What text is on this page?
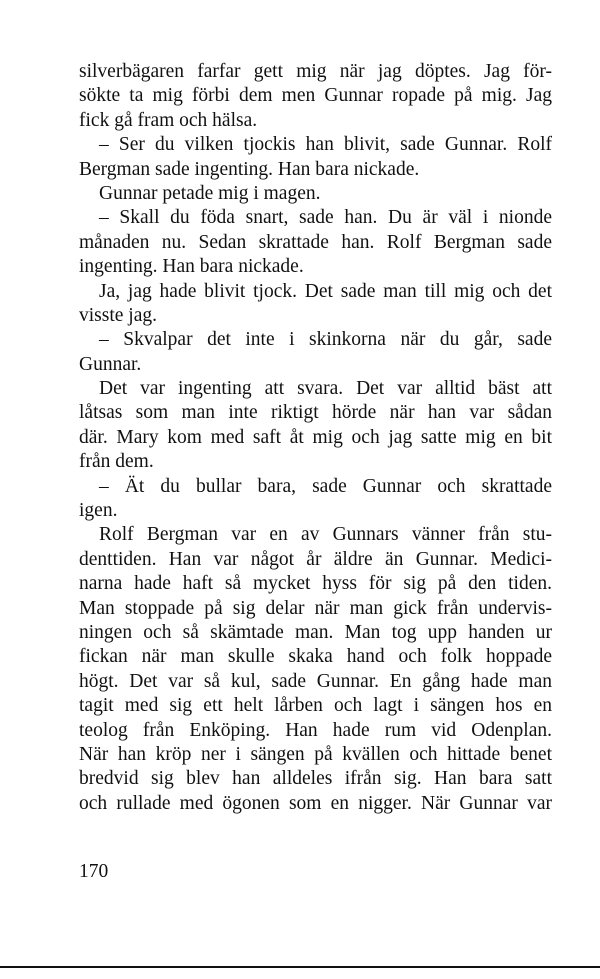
silverbägaren farfar gett mig när jag döptes. Jag för-
sökte ta mig förbi dem men Gunnar ropade på mig. Jag
fick gå fram och hälsa.
– Ser du vilken tjockis han blivit, sade Gunnar. Rolf
Bergman sade ingenting. Han bara nickade.
Gunnar petade mig i magen.
– Skall du föda snart, sade han. Du är väl i nionde
månaden nu. Sedan skrattade han. Rolf Bergman sade
ingenting. Han bara nickade.
Ja, jag hade blivit tjock. Det sade man till mig och det
visste jag.
– Skvalpar det inte i skinkorna när du går, sade
Gunnar.
Det var ingenting att svara. Det var alltid bäst att
låtsas som man inte riktigt hörde när han var sådan
där. Mary kom med saft åt mig och jag satte mig en bit
från dem.
– Ät du bullar bara, sade Gunnar och skrattade
igen.
Rolf Bergman var en av Gunnars vänner från stu-
denttiden. Han var något år äldre än Gunnar. Medici-
narna hade haft så mycket hyss för sig på den tiden.
Man stoppade på sig delar när man gick från undervis-
ningen och så skämtade man. Man tog upp handen ur
fickan när man skulle skaka hand och folk hoppade
högt. Det var så kul, sade Gunnar. En gång hade man
tagit med sig ett helt lårben och lagt i sängen hos en
teolog från Enköping. Han hade rum vid Odenplan.
När han kröp ner i sängen på kvällen och hittade benet
bredvid sig blev han alldeles ifrån sig. Han bara satt
och rullade med ögonen som en nigger. När Gunnar var
170
